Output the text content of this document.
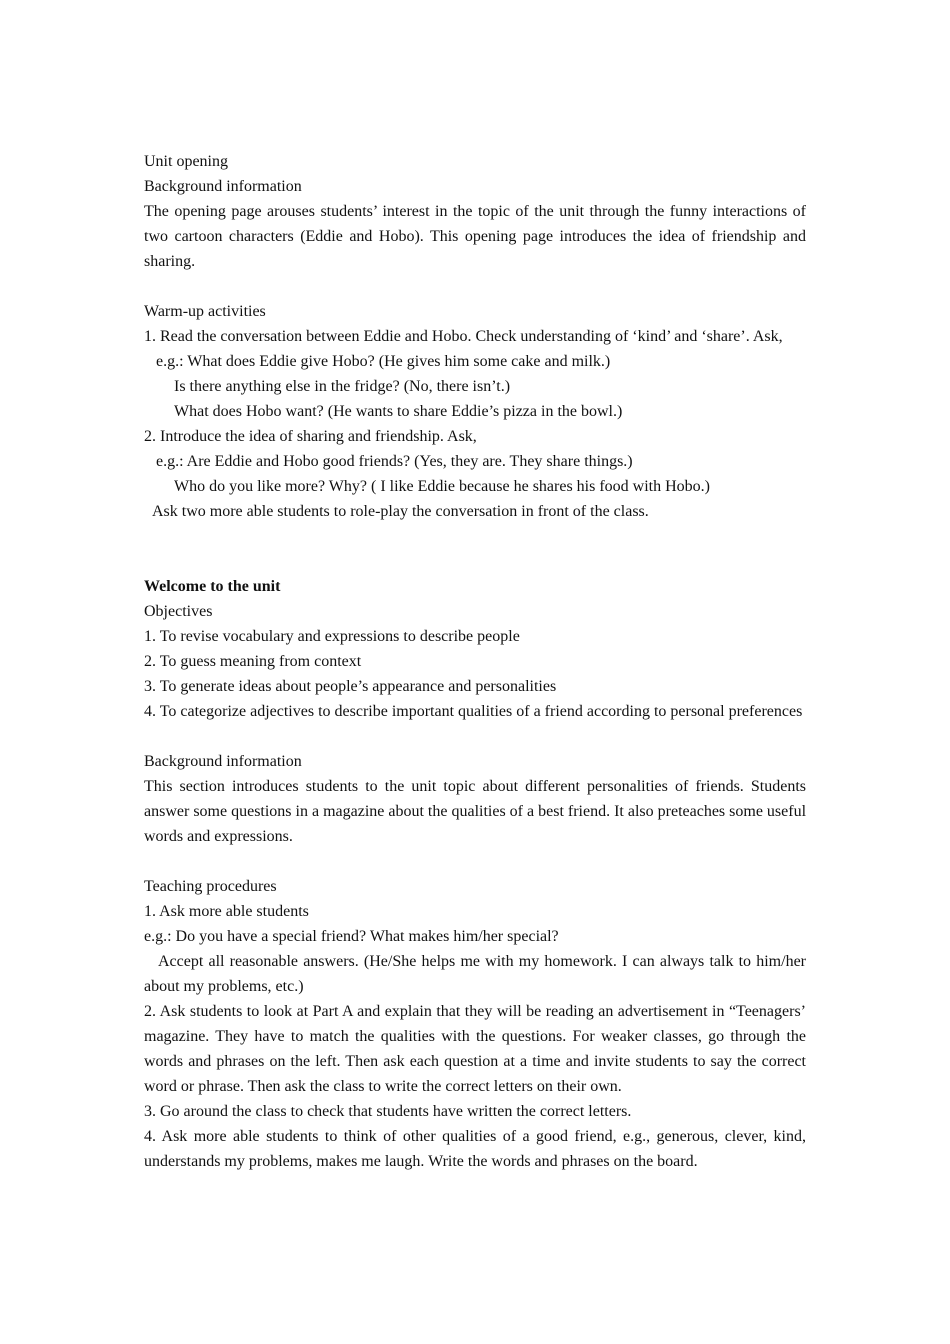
Unit opening

Background information

The opening page arouses students’ interest in the topic of the unit through the funny interactions of two cartoon characters (Eddie and Hobo). This opening page introduces the idea of friendship and sharing.

Warm-up activities

1. Read the conversation between Eddie and Hobo. Check understanding of ‘kind’ and ‘share’. Ask,

e.g.: What does Eddie give Hobo? (He gives him some cake and milk.)

Is there anything else in the fridge? (No, there isn’t.)

What does Hobo want? (He wants to share Eddie’s pizza in the bowl.)

2. Introduce the idea of sharing and friendship. Ask,

e.g.: Are Eddie and Hobo good friends? (Yes, they are. They share things.)

Who do you like more? Why? ( I like Eddie because he shares his food with Hobo.)

Ask two more able students to role-play the conversation in front of the class.

Welcome to the unit

Objectives

1. To revise vocabulary and expressions to describe people

2. To guess meaning from context

3. To generate ideas about people’s appearance and personalities

4. To categorize adjectives to describe important qualities of a friend according to personal preferences

Background information

This section introduces students to the unit topic about different personalities of friends. Students answer some questions in a magazine about the qualities of a best friend. It also preteaches some useful words and expressions.

Teaching procedures

1. Ask more able students

e.g.: Do you have a special friend? What makes him/her special?

Accept all reasonable answers. (He/She helps me with my homework. I can always talk to him/her about my problems, etc.)

2. Ask students to look at Part A and explain that they will be reading an advertisement in “Teenagers’ magazine. They have to match the qualities with the questions. For weaker classes, go through the words and phrases on the left. Then ask each question at a time and invite students to say the correct word or phrase. Then ask the class to write the correct letters on their own.

3. Go around the class to check that students have written the correct letters.

4. Ask more able students to think of other qualities of a good friend, e.g., generous, clever, kind, understands my problems, makes me laugh. Write the words and phrases on the board.
